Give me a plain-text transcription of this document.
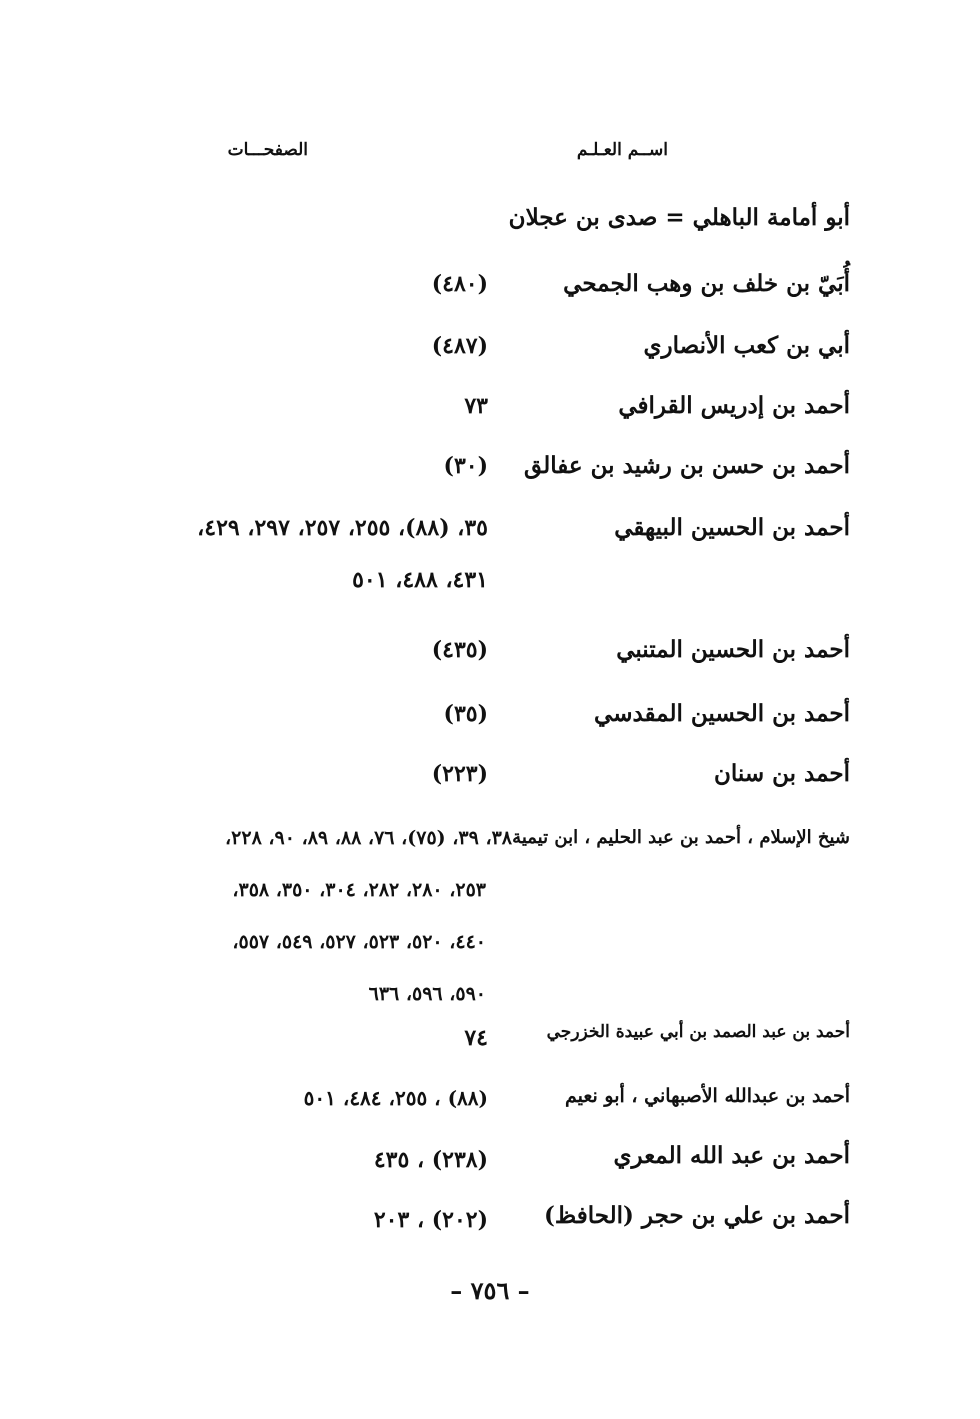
اســم العـلـم
الصفحـــات
أبو أمامة الباهلي = صدى بن عجلان
أُبَيّ بن خلف بن وهب الجمحي
(٤٨٠)
أبي بن كعب الأنصاري
(٤٨٧)
أحمد بن إدريس القرافي
٧٣
أحمد بن حسن بن رشيد بن عفالق
(٣٠)
أحمد بن الحسين البيهقي
٣٥، (٨٨)، ٢٥٥، ٢٥٧، ٢٩٧، ٤٢٩،
٤٣١، ٤٨٨، ٥٠١
أحمد بن الحسين المتنبي
(٤٣٥)
أحمد بن الحسين المقدسي
(٣٥)
أحمد بن سنان
(٢٢٣)
شيخ الإسلام ، أحمد بن عبد الحليم ، ابن تيمية
٣٨، ٣٩، (٧٥)، ٧٦، ٨٨، ٨٩، ٩٠، ٢٢٨،
٢٥٣، ٢٨٠، ٢٨٢، ٣٠٤، ٣٥٠، ٣٥٨،
٤٤٠، ٥٢٠، ٥٢٣، ٥٢٧، ٥٤٩، ٥٥٧،
٥٩٠، ٥٩٦، ٦٣٦
أحمد بن عبد الصمد بن أبي عبيدة الخزرجي
٧٤
أحمد بن عبدالله الأصبهاني ، أبو نعيم
(٨٨) ، ٢٥٥، ٤٨٤، ٥٠١
أحمد بن عبد الله المعري
(٢٣٨) ، ٤٣٥
أحمد بن علي بن حجر (الحافظ)
(٢٠٢) ، ٢٠٣
– ٧٥٦ –
